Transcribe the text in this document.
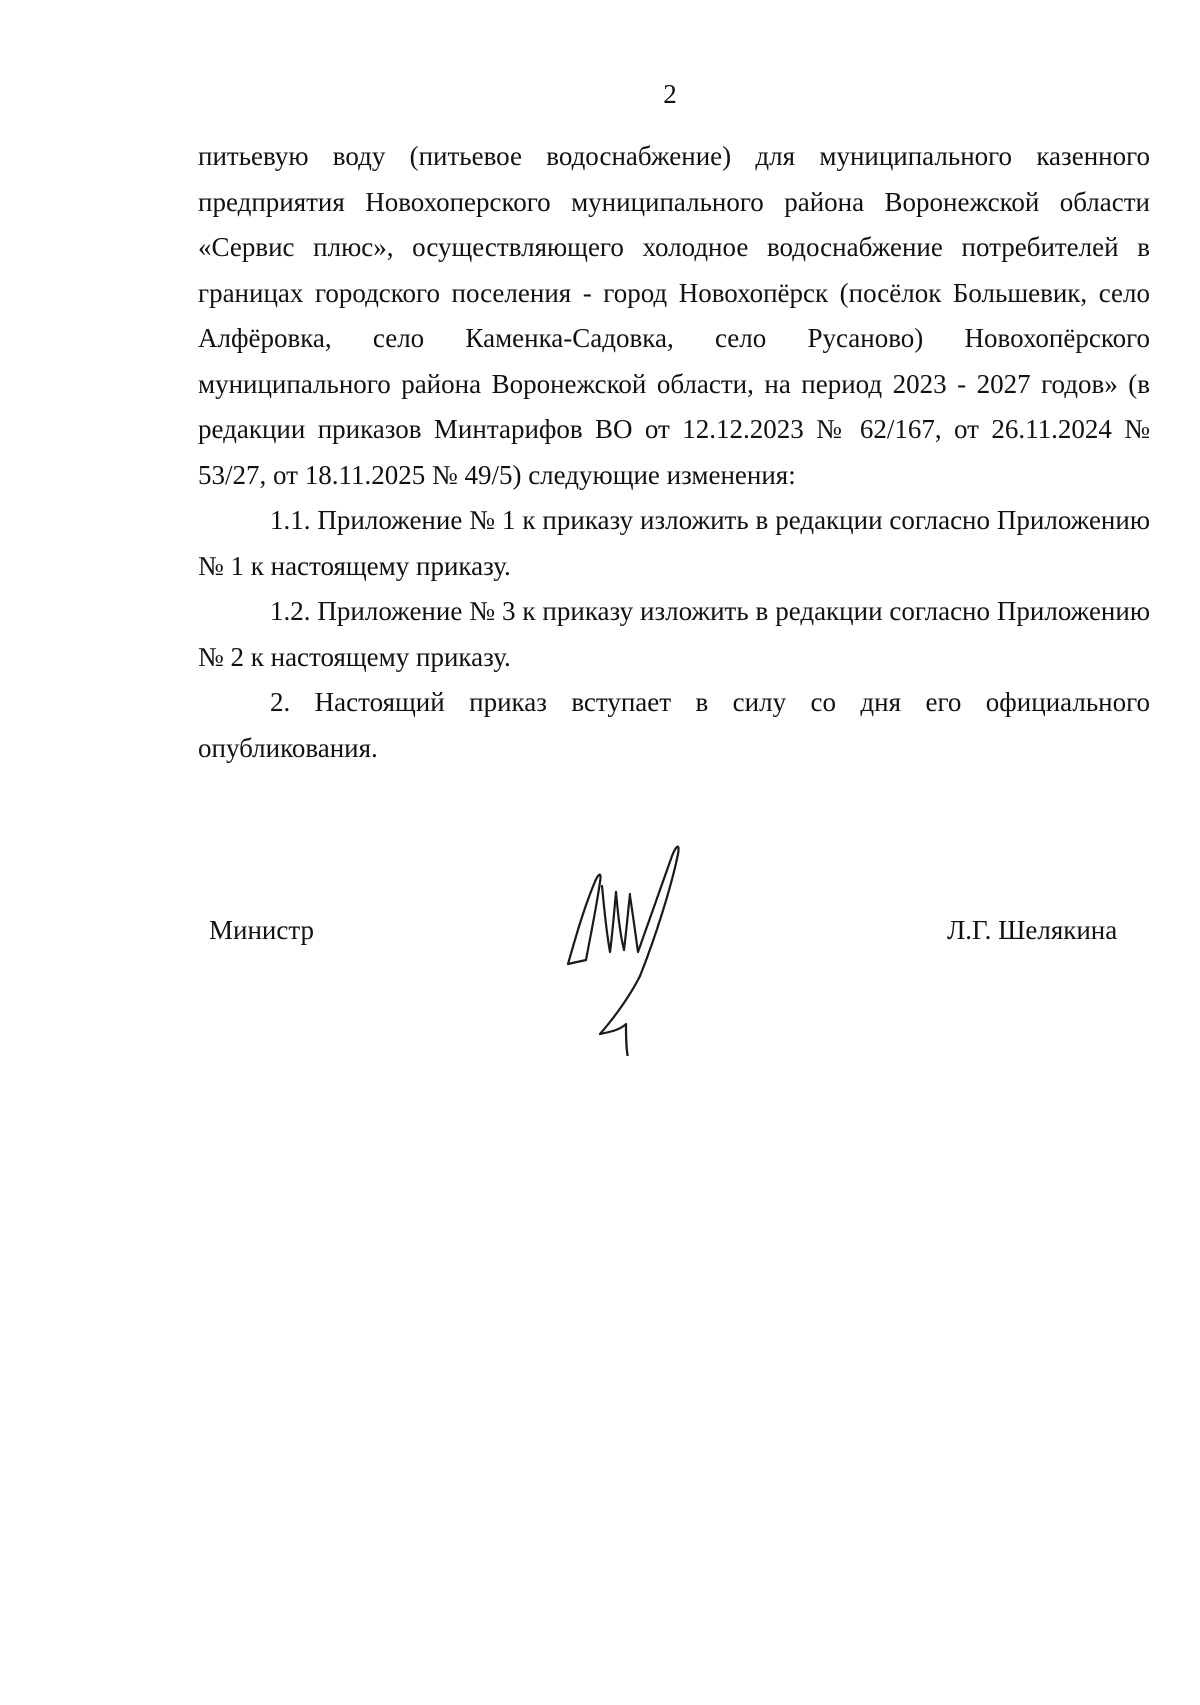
2

питьевую воду (питьевое водоснабжение) для муниципального казенного предприятия Новохоперского муниципального района Воронежской области «Сервис плюс», осуществляющего холодное водоснабжение потребителей в границах городского поселения - город Новохопёрск (посёлок Большевик, село Алфёровка, село Каменка-Садовка, село Русаново) Новохопёрского муниципального района Воронежской области, на период 2023 - 2027 годов» (в редакции приказов Минтарифов ВО от 12.12.2023 № 62/167, от 26.11.2024 № 53/27, от 18.11.2025 № 49/5) следующие изменения:

1.1. Приложение № 1 к приказу изложить в редакции согласно Приложению № 1 к настоящему приказу.

1.2. Приложение № 3 к приказу изложить в редакции согласно Приложению № 2 к настоящему приказу.

2. Настоящий приказ вступает в силу со дня его официального опубликования.

Министр	Л.Г. Шелякина
